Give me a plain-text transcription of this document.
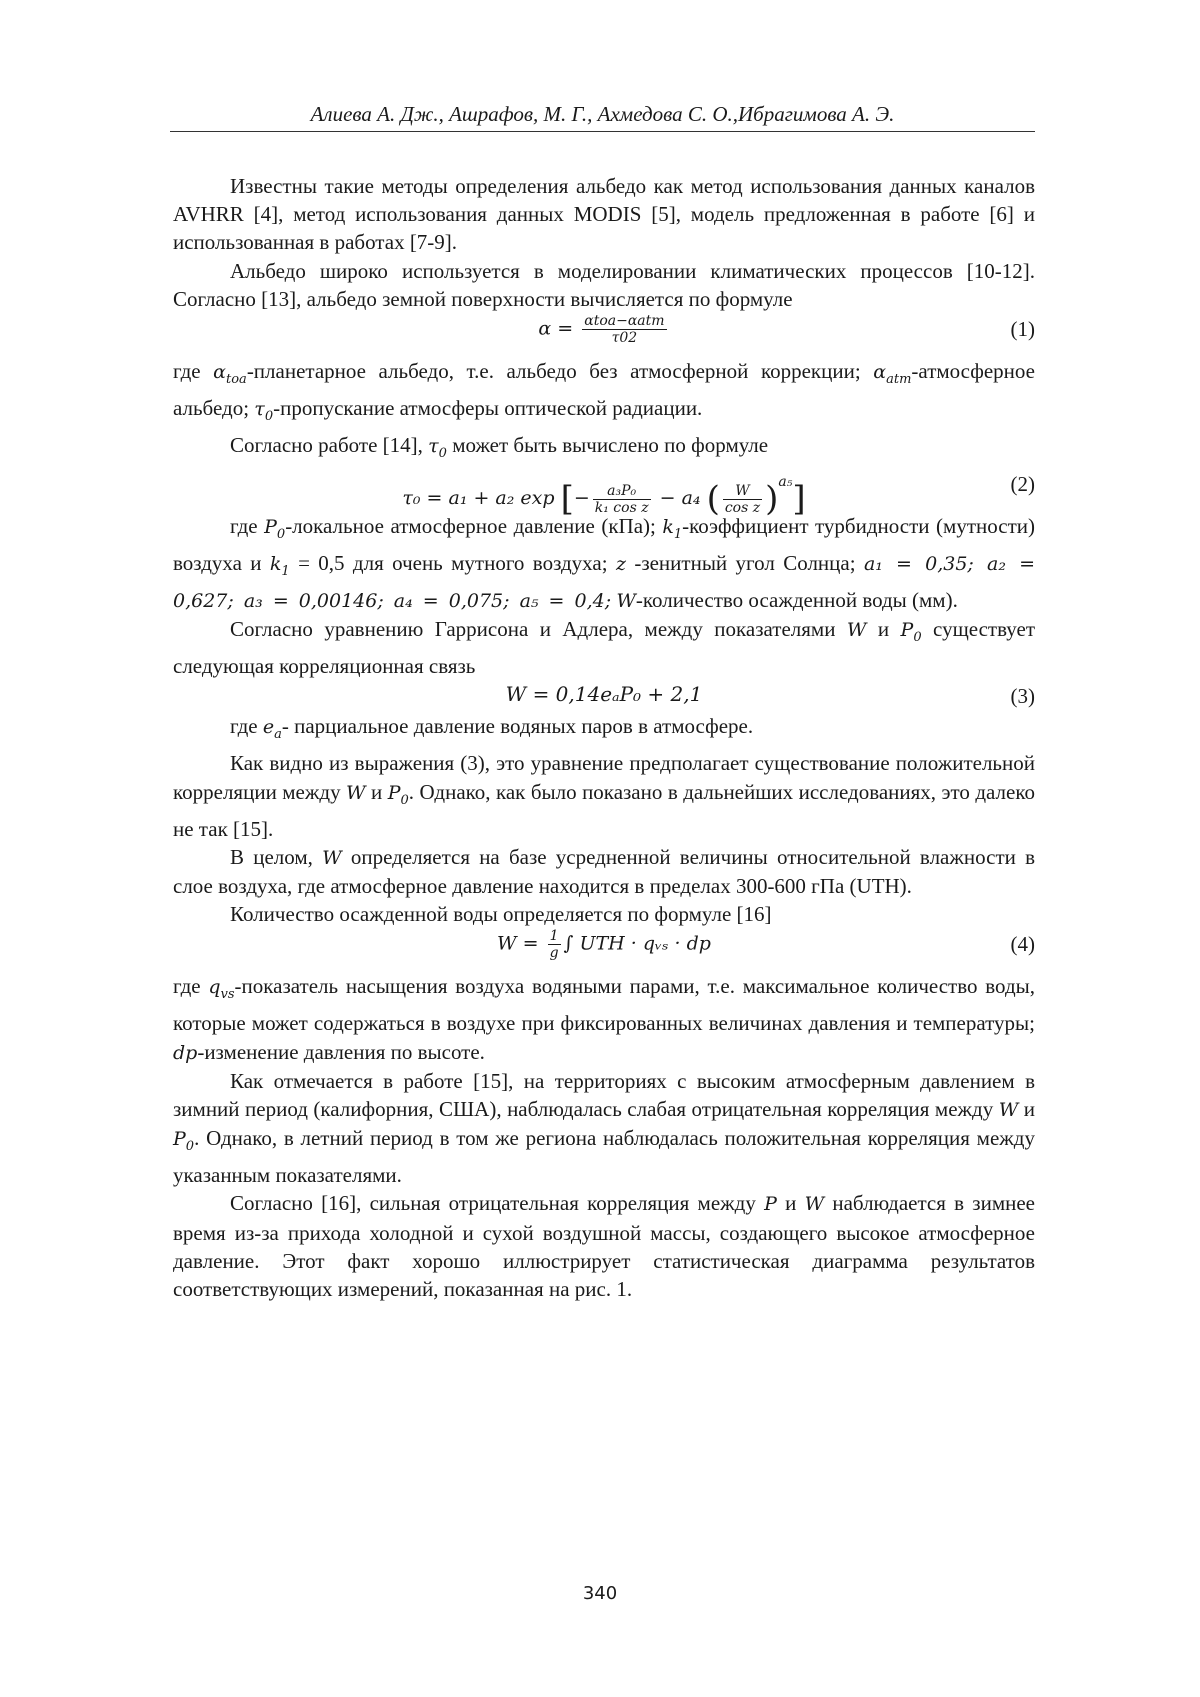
Алиева А. Дж., Ашрафов, М. Г., Ахмедова С. О.,Ибрагимова А. Э.

Известны такие методы определения альбедо как метод использования данных каналов AVHRR [4], метод использования данных MODIS [5], модель предложенная в работе [6] и использованная в работах [7-9].

Альбедо широко используется в моделировании климатических процессов [10-12]. Согласно [13], альбедо земной поверхности вычисляется по формуле

$\alpha = \frac{\text{αtoa−αatm}}{\tau 02}$	(1)

где $\alpha_{toa}$-планетарное альбедо, т.е. альбедо без атмосферной коррекции; $\alpha_{atm}$-атмосферное альбедо; $\tau_0$-пропускание атмосферы оптической радиации.

Согласно работе [14], $\tau_0$ может быть вычислено по формуле

τ₀ = a₁ + a₂ exp [− $\frac{\text{a₃P₀}}{\text{k₁ cos z}} - a_4$ ( $\frac{W}{\text{cos z}} )^{a_5}$]	(2)

где $P_0$-локальное атмосферное давление (кПа); $k_1$-коэффициент турбидности (мутности) воздуха и $k_1 = 0,5$ для очень мутного воздуха; z -зенитный угол Солнца; a₁ = 0,35; a₂ = 0,627; a₃ = 0,00146; a₄ = 0,075; a₅ = 0,4; W-количество осажденной воды (мм).

Согласно уравнению Гаррисона и Адлера, между показателями W и $P_0$ существует следующая корреляционная связь

W = 0,14eₐP₀ + 2,1	(3)

где $e_a-$ парциальное давление водяных паров в атмосфере.

Как видно из выражения (3), это уравнение предполагает существование положительной корреляции между W и $P_0$. Однако, как было показано в дальнейших исследованиях, это далеко не так [15].

В целом, W определяется на базе усредненной величины относительной влажности в слое воздуха, где атмосферное давление находится в пределах 300-600 гПа (UTH).

Количество осажденной воды определяется по формуле [16]

$W = \frac{1}{g}$ ∫ UTH · qᵥₛ · dp	(4)

где $q_{vs}$-показатель насыщения воздуха водяными парами, т.е. максимальное количество воды, которые может содержаться в воздухе при фиксированных величинах давления и температуры; dp-изменение давления по высоте.

Как отмечается в работе [15], на территориях с высоким атмосферным давлением в зимний период (калифорния, США), наблюдалась слабая отрицательная корреляция между W и $P_0$. Однако, в летний период в том же региона наблюдалась положительная корреляция между указанным показателями.

Согласно [16], сильная отрицательная корреляция между P и W наблюдается в зимнее время из-за прихода холодной и сухой воздушной массы, создающего высокое атмосферное давление. Этот факт хорошо иллюстрирует статистическая диаграмма результатов соответствующих измерений, показанная на рис. 1.

340
